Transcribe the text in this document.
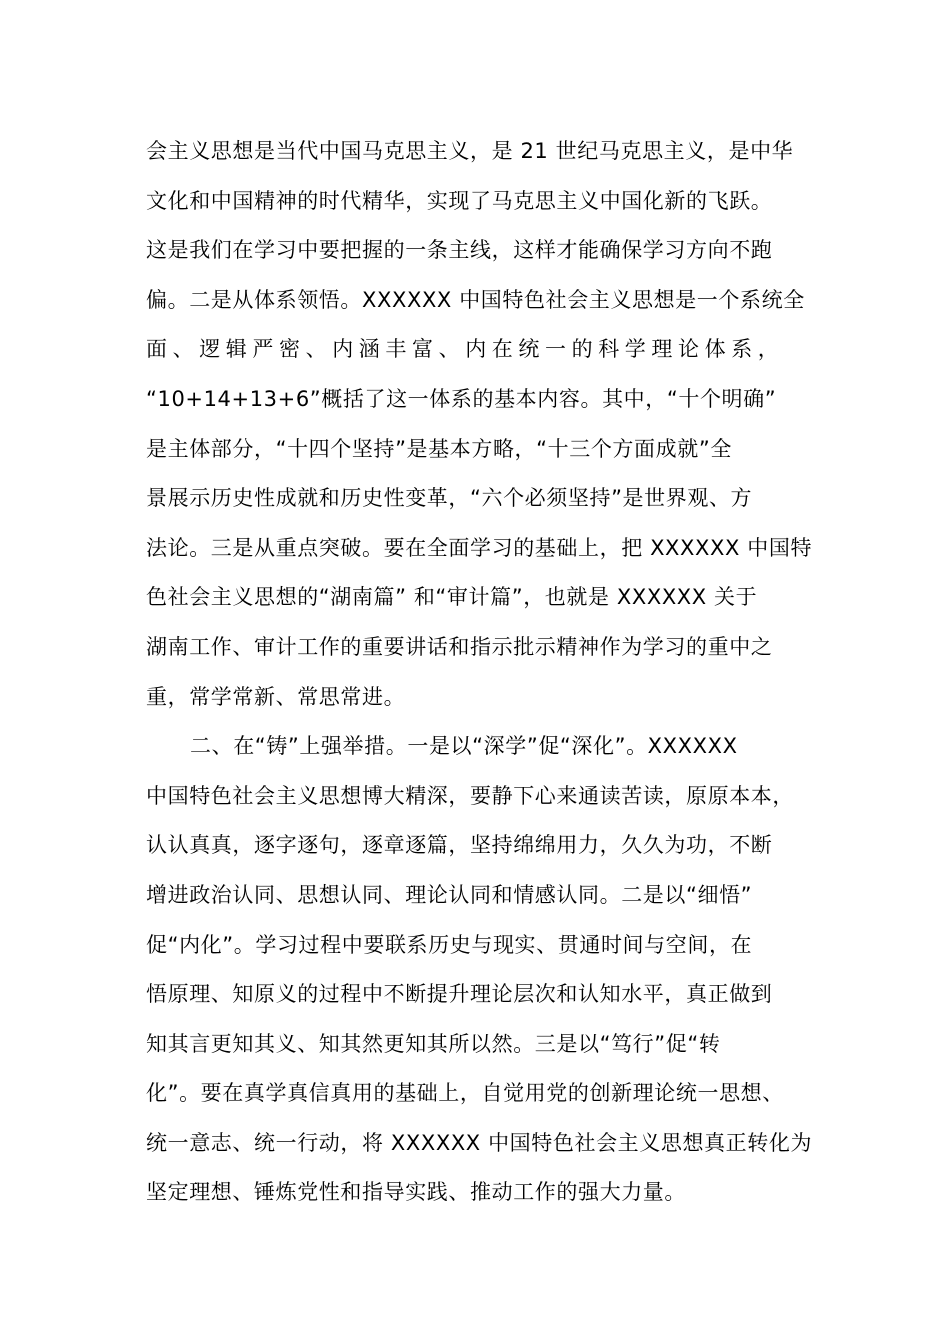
会主义思想是当代中国马克思主义，是 21 世纪马克思主义，是中华
文化和中国精神的时代精华，实现了马克思主义中国化新的飞跃。
这是我们在学习中要把握的一条主线，这样才能确保学习方向不跑
偏。二是从体系领悟。XXXXXX 中国特色社会主义思想是一个系统全
面、逻辑严密、内涵丰富、内在统一的科学理论体系，
“10+14+13+6”概括了这一体系的基本内容。其中，“十个明确”
是主体部分，“十四个坚持”是基本方略，“十三个方面成就”全
景展示历史性成就和历史性变革，“六个必须坚持”是世界观、方
法论。三是从重点突破。要在全面学习的基础上，把 XXXXXX 中国特
色社会主义思想的“湖南篇” 和“审计篇”，也就是 XXXXXX 关于
湖南工作、审计工作的重要讲话和指示批示精神作为学习的重中之
重，常学常新、常思常进。
二、在“铸”上强举措。一是以“深学”促“深化”。XXXXXX
中国特色社会主义思想博大精深，要静下心来通读苦读，原原本本，
认认真真，逐字逐句，逐章逐篇，坚持绵绵用力，久久为功，不断
增进政治认同、思想认同、理论认同和情感认同。二是以“细悟”
促“内化”。学习过程中要联系历史与现实、贯通时间与空间，在
悟原理、知原义的过程中不断提升理论层次和认知水平，真正做到
知其言更知其义、知其然更知其所以然。三是以“笃行”促“转
化”。要在真学真信真用的基础上，自觉用党的创新理论统一思想、
统一意志、统一行动，将 XXXXXX 中国特色社会主义思想真正转化为
坚定理想、锤炼党性和指导实践、推动工作的强大力量。
